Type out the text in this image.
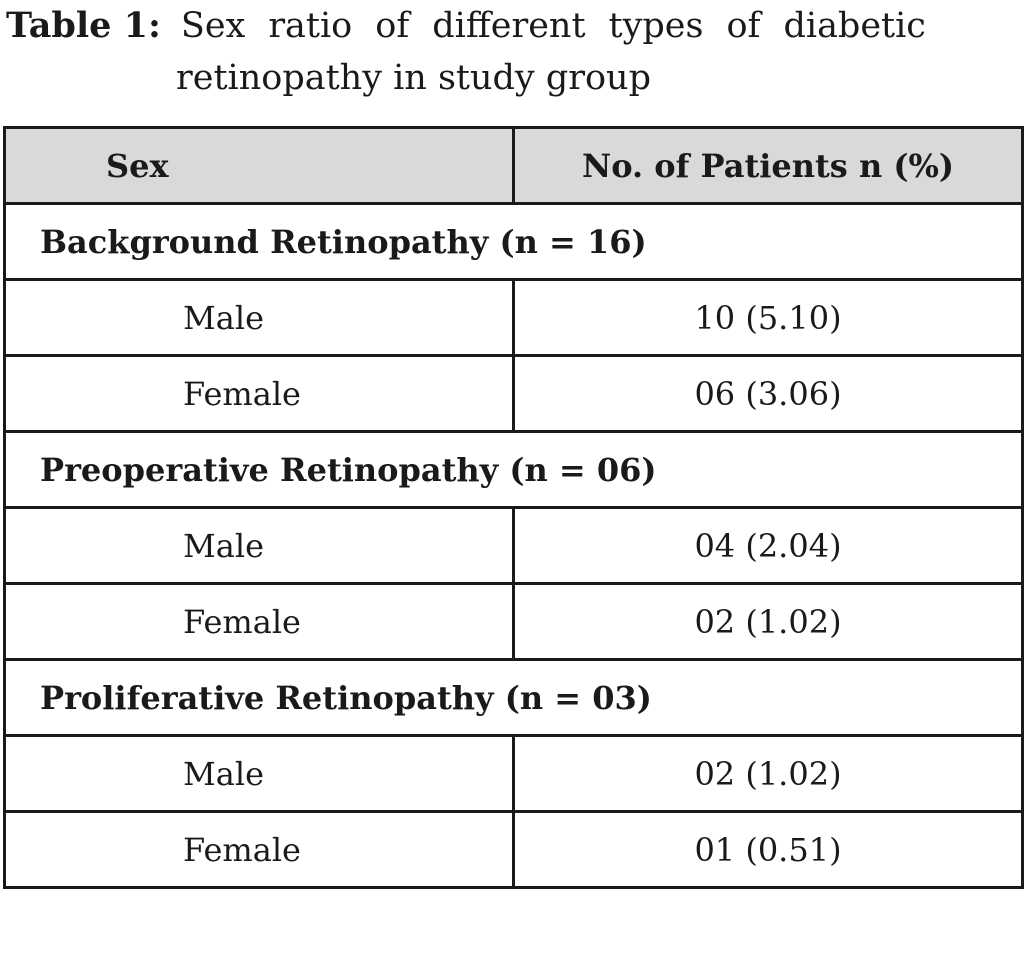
Table 1: Sex ratio of different types of diabetic
retinopathy in study group
Sex	No. of Patients n (%)
Background Retinopathy (n = 16)	
Male	10 (5.10)
Female	06 (3.06)
Preoperative Retinopathy (n = 06)	
Male	04 (2.04)
Female	02 (1.02)
Proliferative Retinopathy (n = 03)	
Male	02 (1.02)
Female	01 (0.51)
